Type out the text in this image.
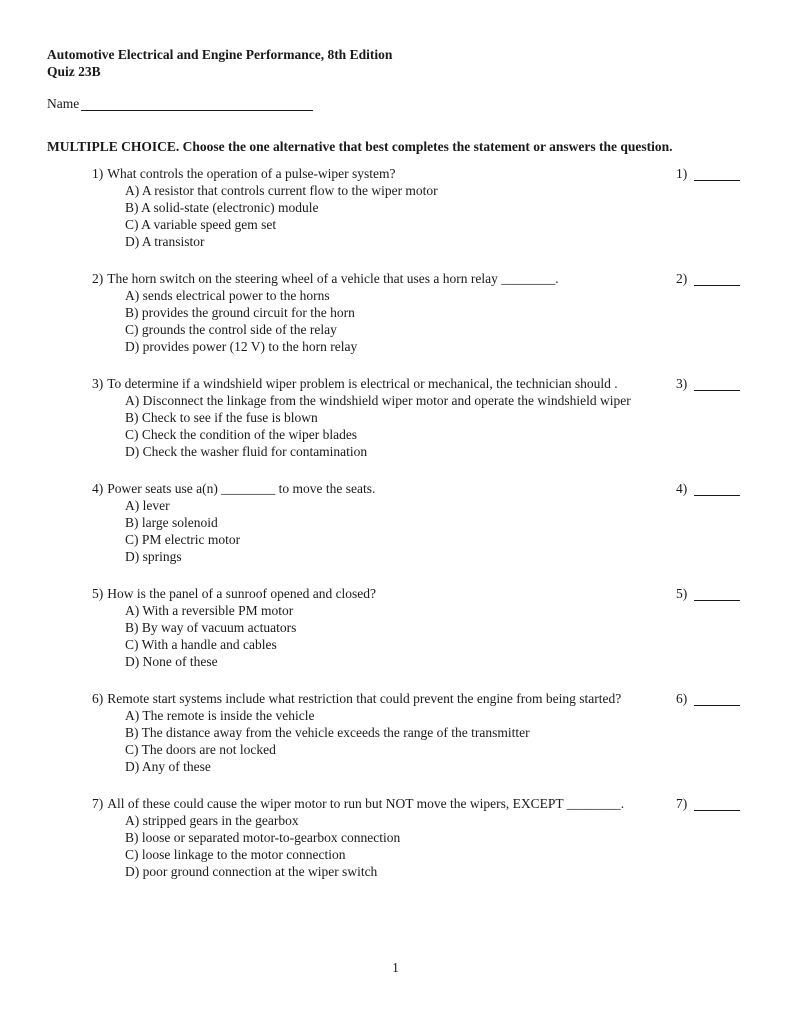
Automotive Electrical and Engine Performance, 8th Edition
Quiz 23B
Name
MULTIPLE CHOICE. Choose the one alternative that best completes the statement or answers the question.
1) What controls the operation of a pulse-wiper system?
A) A resistor that controls current flow to the wiper motor
B) A solid-state (electronic) module
C) A variable speed gem set
D) A transistor
1)
2) The horn switch on the steering wheel of a vehicle that uses a horn relay ________.
A) sends electrical power to the horns
B) provides the ground circuit for the horn
C) grounds the control side of the relay
D) provides power (12 V) to the horn relay
2)
3) To determine if a windshield wiper problem is electrical or mechanical, the technician should .
A) Disconnect the linkage from the windshield wiper motor and operate the windshield wiper
B) Check to see if the fuse is blown
C) Check the condition of the wiper blades
D) Check the washer fluid for contamination
3)
4) Power seats use a(n) ________ to move the seats.
A) lever
B) large solenoid
C) PM electric motor
D) springs
4)
5) How is the panel of a sunroof opened and closed?
A) With a reversible PM motor
B) By way of vacuum actuators
C) With a handle and cables
D) None of these
5)
6) Remote start systems include what restriction that could prevent the engine from being started?
A) The remote is inside the vehicle
B) The distance away from the vehicle exceeds the range of the transmitter
C) The doors are not locked
D) Any of these
6)
7) All of these could cause the wiper motor to run but NOT move the wipers, EXCEPT ________.
A) stripped gears in the gearbox
B) loose or separated motor-to-gearbox connection
C) loose linkage to the motor connection
D) poor ground connection at the wiper switch
7)
1
